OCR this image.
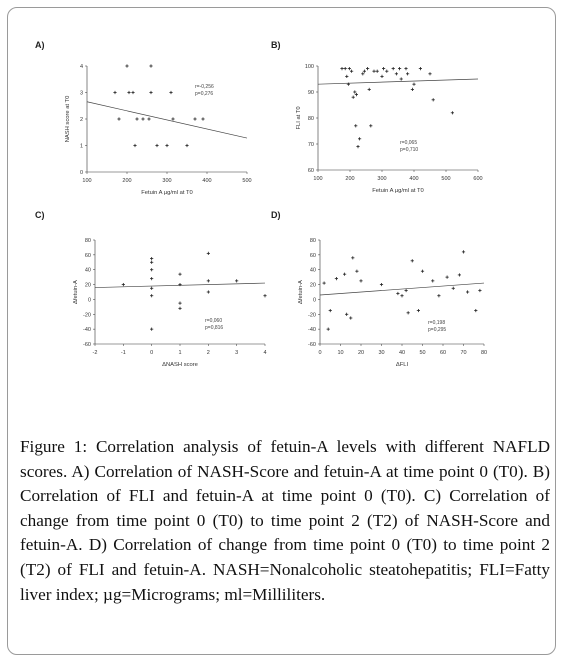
A)	B)
C)	D)
100	200	300	400	500
0
1
2
3
4
Fetuin A µg/ml at T0
NASH score at T0
r=-0,256
p=0,276
100	200	300	400	500	600
60
70
80
90
100
Fetuin A µg/ml at T0
FLI at T0
r=0,065
p=0,710
-2	-1	0	1	2	3	4
-60
-40
-20
0
20
40
60
80
ΔNASH score
Δfetuin-A
r=0,060
p=0,816
0	10	20	30	40	50	60	70	80
-60
-40
-20
0
20
40
60
80
ΔFLI
Δfetuin-A
r=0,198
p=0,295
Figure 1: Correlation analysis of fetuin-A levels with different NAFLD scores. A) Correlation of NASH-Score and fetuin-A at time point 0 (T0). B) Correlation of FLI and fetuin-A at time point 0 (T0). C) Correlation of change from time point 0 (T0) to time point 2 (T2) of NASH-Score and fetuin-A. D) Correlation of change from time point 0 (T0) to time point 2 (T2) of FLI and fetuin-A. NASH=Nonalcoholic steatohepatitis; FLI=Fatty liver index; µg=Micrograms; ml=Milliliters.
